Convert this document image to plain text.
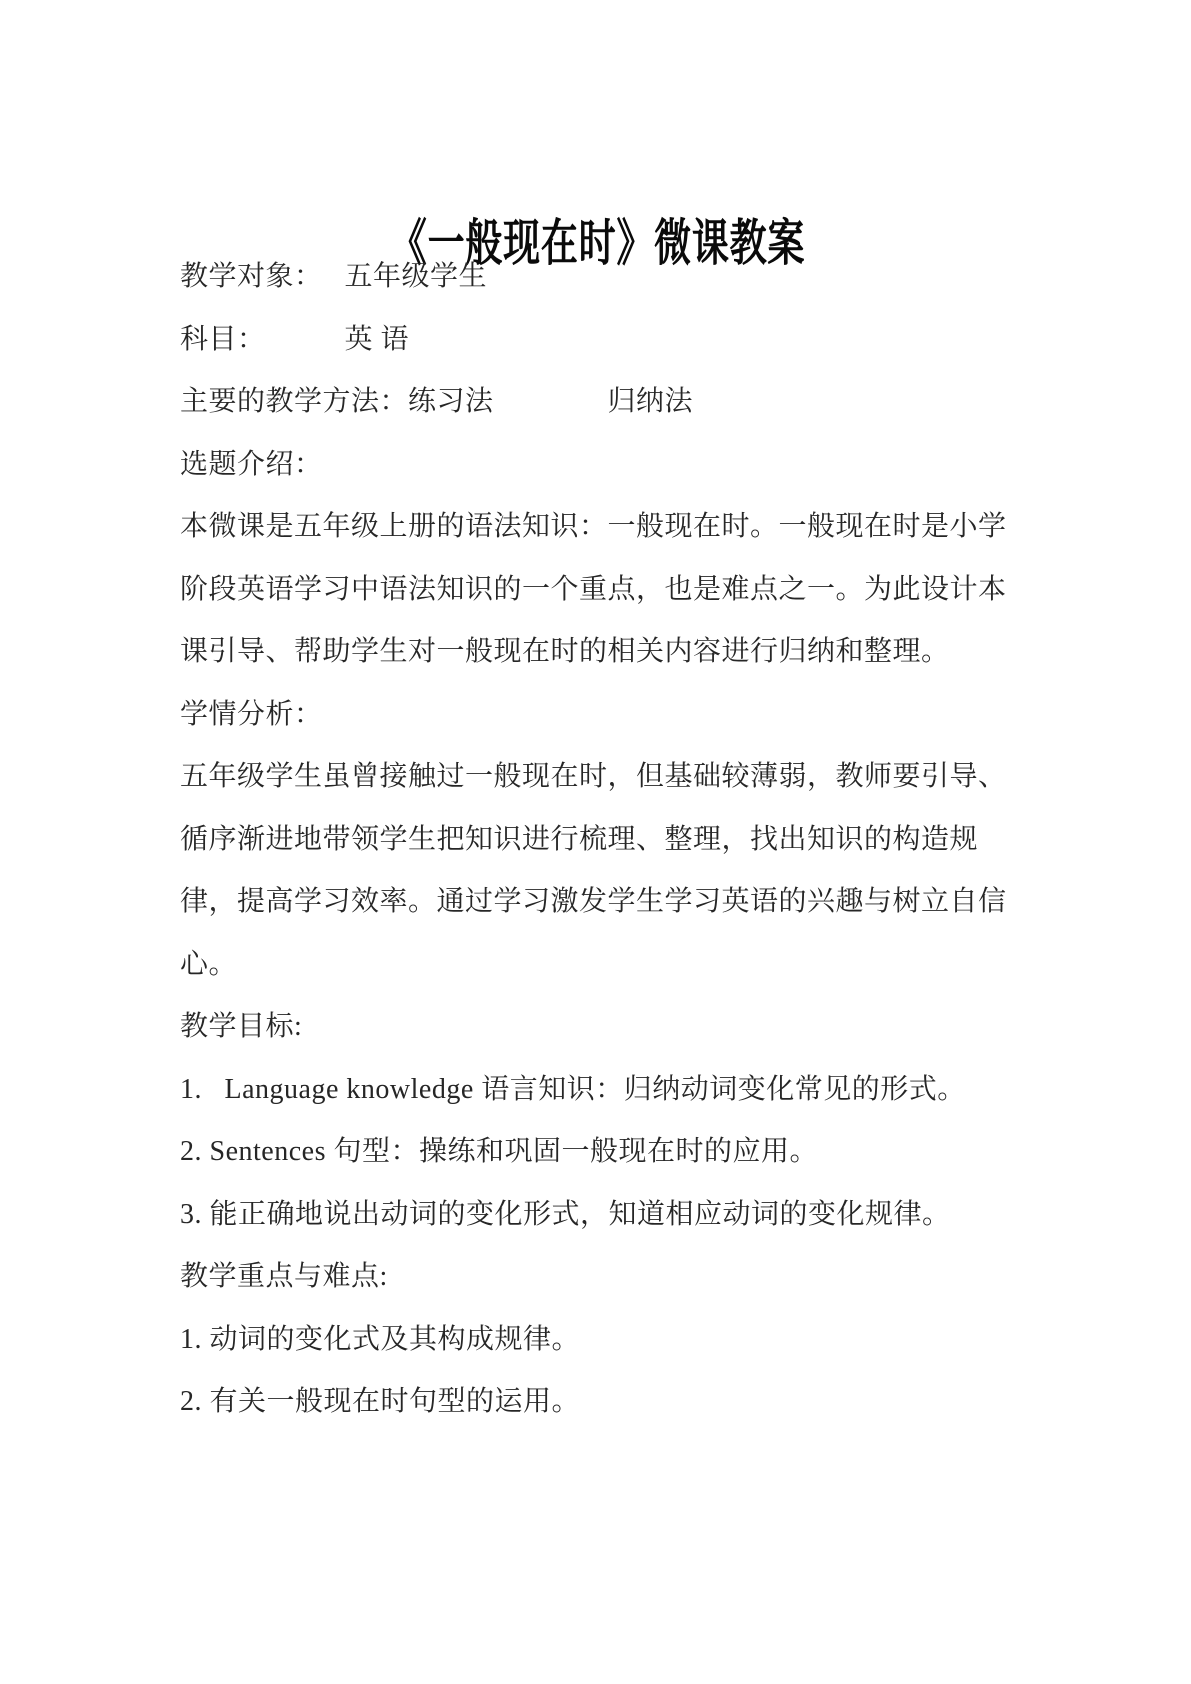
《一般现在时》微课教案

教学对象：　 五年级学生
科目：　　　 英 语
主要的教学方法：练习法　　　　归纳法
选题介绍：
本微课是五年级上册的语法知识：一般现在时。一般现在时是小学
阶段英语学习中语法知识的一个重点，也是难点之一。为此设计本
课引导、帮助学生对一般现在时的相关内容进行归纳和整理。
学情分析：
五年级学生虽曾接触过一般现在时，但基础较薄弱，教师要引导、
循序渐进地带领学生把知识进行梳理、整理，找出知识的构造规
律，提高学习效率。通过学习激发学生学习英语的兴趣与树立自信
心。
教学目标:
1.   Language knowledge 语言知识：归纳动词变化常见的形式。
2. Sentences 句型：操练和巩固一般现在时的应用。
3. 能正确地说出动词的变化形式，知道相应动词的变化规律。
教学重点与难点:
1. 动词的变化式及其构成规律。
2. 有关一般现在时句型的运用。
